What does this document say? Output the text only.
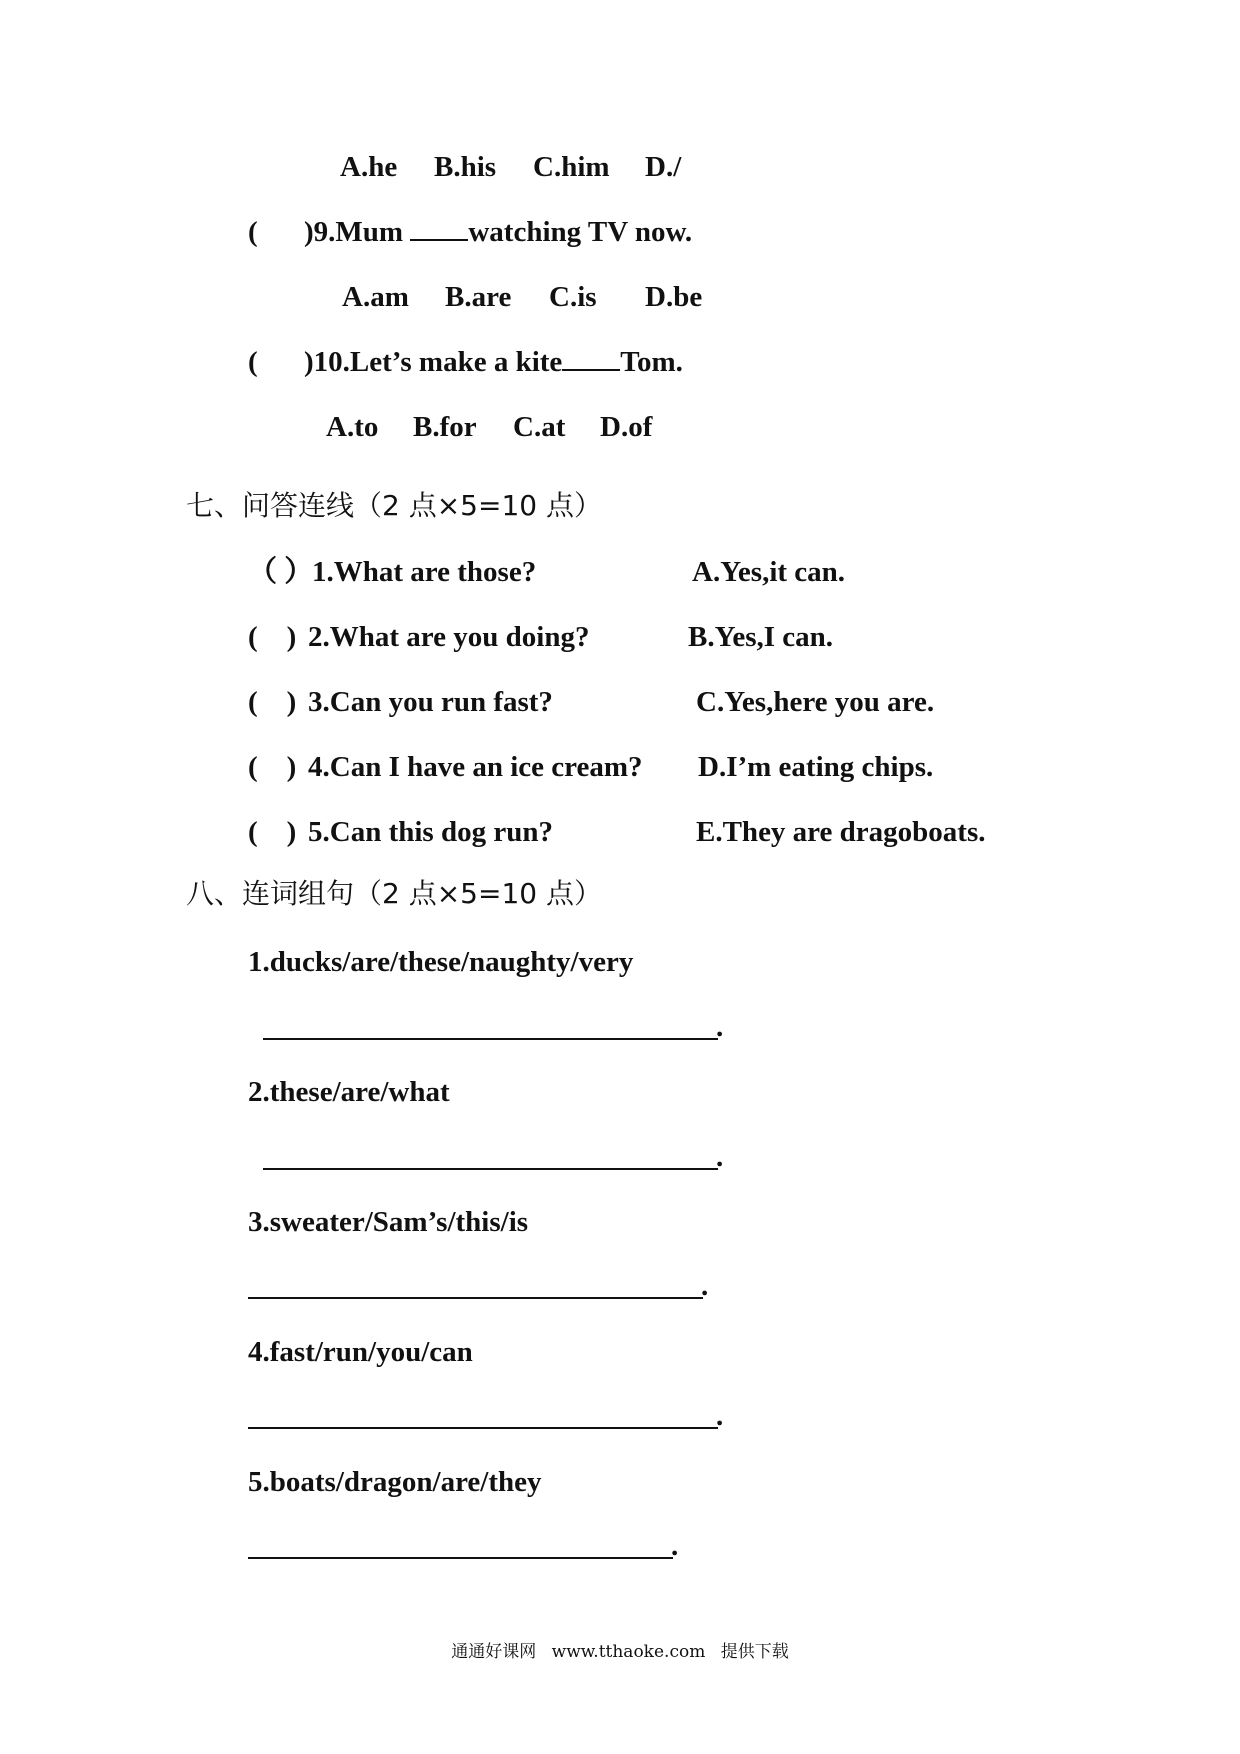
A.he B.his C.him D./
( )9.Mum watching TV now.
A.am B.are C.is D.be
( )10.Let’s make a kite Tom.
A.to B.for C.at D.of
七、问答连线（2 点×5=10 点）
（ ）
1.What are those?	A.Yes,it can.
(    ) 2.What are you doing?	B.Yes,I can.
(    ) 3.Can you run fast?	C.Yes,here you are.
(    ) 4.Can I have an ice cream? D.I’m eating chips.
(    ) 5.Can this dog run?	E.They are dragoboats.
八、连词组句（2 点×5=10 点）
1.ducks/are/these/naughty/very
.
2.these/are/what
.
3.sweater/Sam’s/this/is
.
4.fast/run/you/can
.
5.boats/dragon/are/they
.
通通好课网 www.tthaoke.com 提供下载
